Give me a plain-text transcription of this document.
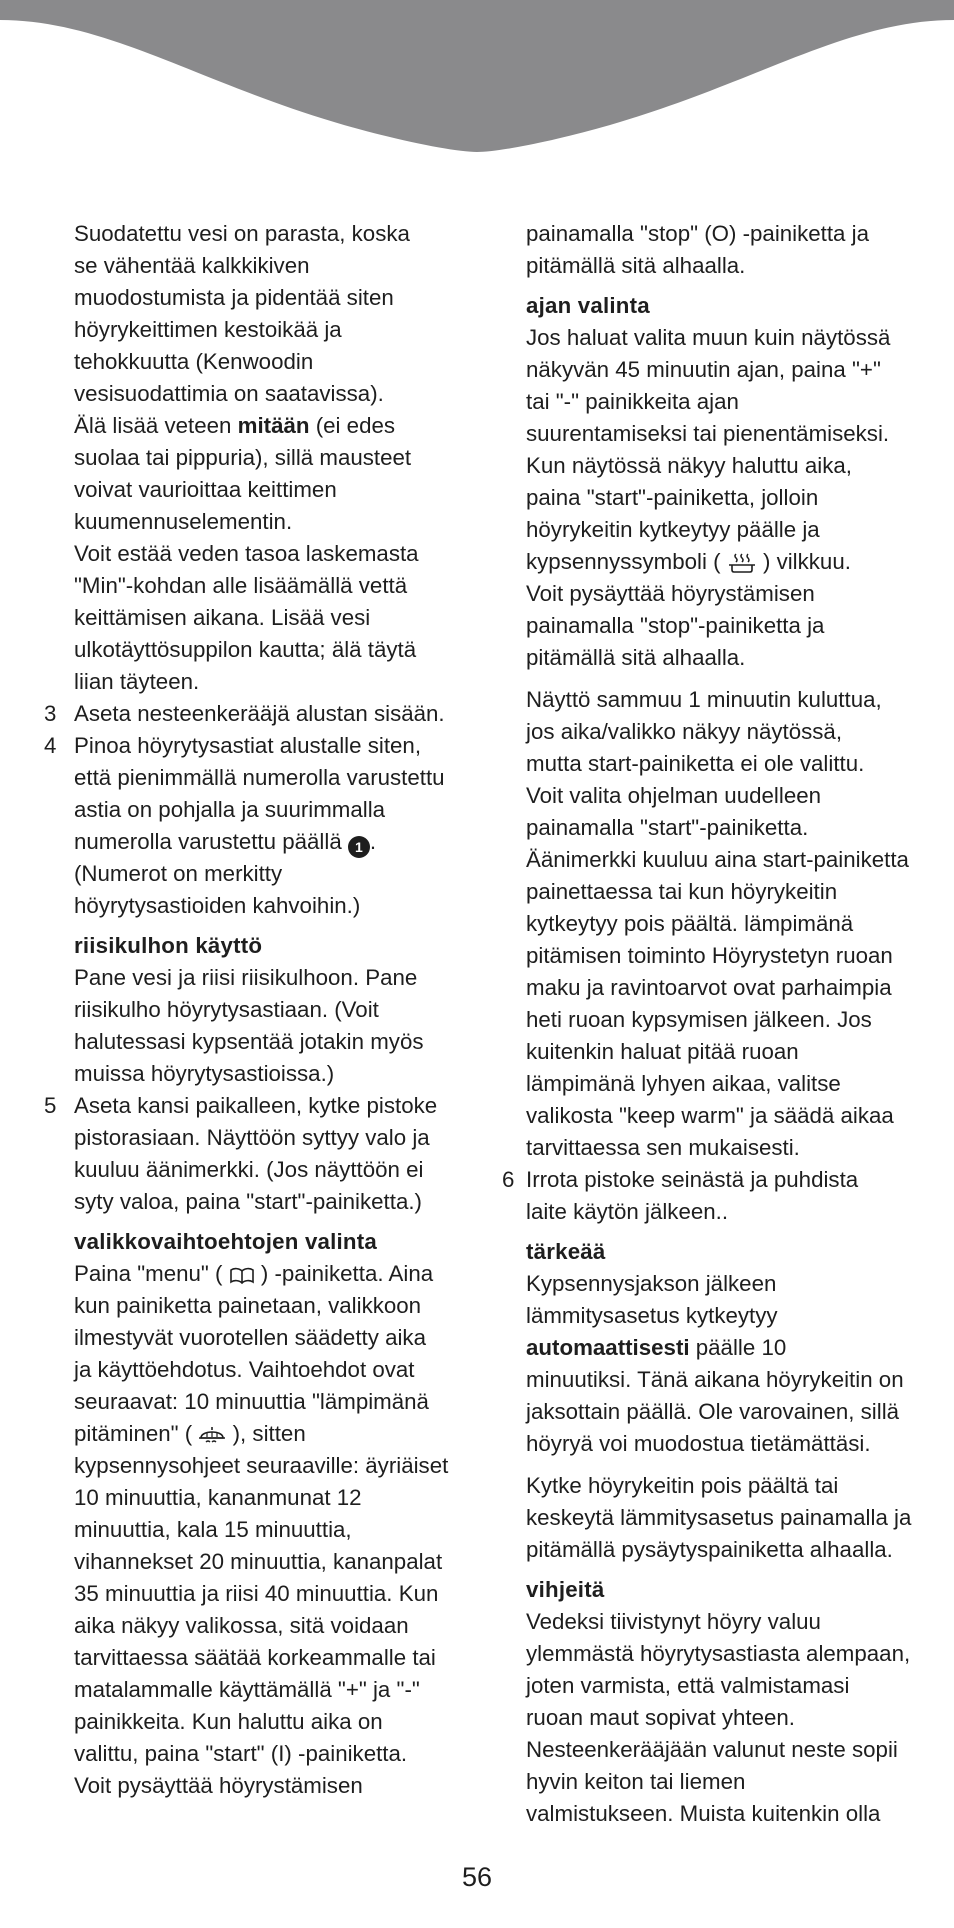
Suodatettu vesi on parasta, koska
se vähentää kalkkikiven
muodostumista ja pidentää siten
höyrykeittimen kestoikää ja
tehokkuutta (Kenwoodin
vesisuodattimia on saatavissa).
Älä lisää veteen mitään (ei edes
suolaa tai pippuria), sillä mausteet
voivat vaurioittaa keittimen
kuumennuselementin.
Voit estää veden tasoa laskemasta
"Min"-kohdan alle lisäämällä vettä
keittämisen aikana. Lisää vesi
ulkotäyttösuppilon kautta; älä täytä
liian täyteen.
3 Aseta nesteenkerääjä alustan sisään.
4 Pinoa höyrytysastiat alustalle siten,
että pienimmällä numerolla varustettu
astia on pohjalla ja suurimmalla
numerolla varustettu päällä 1 .
(Numerot on merkitty
höyrytysastioiden kahvoihin.)
riisikulhon käyttö
Pane vesi ja riisi riisikulhoon. Pane
riisikulho höyrytysastiaan. (Voit
halutessasi kypsentää jotakin myös
muissa höyrytysastioissa.)
5 Aseta kansi paikalleen, kytke pistoke
pistorasiaan. Näyttöön syttyy valo ja
kuuluu äänimerkki. (Jos näyttöön ei
syty valoa, paina "start"-painiketta.)
valikkovaihtoehtojen valinta
Paina "menu" (  ) -painiketta. Aina
kun painiketta painetaan, valikkoon
ilmestyvät vuorotellen säädetty aika
ja käyttöehdotus. Vaihtoehdot ovat
seuraavat: 10 minuuttia "lämpimänä
pitäminen" (  ), sitten
kypsennysohjeet seuraaville: äyriäiset
10 minuuttia, kananmunat 12
minuuttia, kala 15 minuuttia,
vihannekset 20 minuuttia, kananpalat
35 minuuttia ja riisi 40 minuuttia. Kun
aika näkyy valikossa, sitä voidaan
tarvittaessa säätää korkeammalle tai
matalammalle käyttämällä "+" ja "-"
painikkeita. Kun haluttu aika on
valittu, paina "start" (I) -painiketta.
Voit pysäyttää höyrystämisen
painamalla "stop" (O) -painiketta ja
pitämällä sitä alhaalla.
ajan valinta
Jos haluat valita muun kuin näytössä
näkyvän 45 minuutin ajan, paina "+"
tai "-" painikkeita ajan
suurentamiseksi tai pienentämiseksi.
Kun näytössä näkyy haluttu aika,
paina "start"-painiketta, jolloin
höyrykeitin kytkeytyy päälle ja
kypsennyssymboli (  ) vilkkuu.
Voit pysäyttää höyrystämisen
painamalla "stop"-painiketta ja
pitämällä sitä alhaalla.
Näyttö sammuu 1 minuutin kuluttua,
jos aika/valikko näkyy näytössä,
mutta start-painiketta ei ole valittu.
Voit valita ohjelman uudelleen
painamalla "start"-painiketta.
Äänimerkki kuuluu aina start-painiketta
painettaessa tai kun höyrykeitin
kytkeytyy pois päältä. lämpimänä
pitämisen toiminto Höyrystetyn ruoan
maku ja ravintoarvot ovat parhaimpia
heti ruoan kypsymisen jälkeen. Jos
kuitenkin haluat pitää ruoan
lämpimänä lyhyen aikaa, valitse
valikosta "keep warm" ja säädä aikaa
tarvittaessa sen mukaisesti.
6 Irrota pistoke seinästä ja puhdista
laite käytön jälkeen..
tärkeää
Kypsennysjakson jälkeen
lämmitysasetus kytkeytyy
automaattisesti päälle 10
minuutiksi. Tänä aikana höyrykeitin on
jaksottain päällä. Ole varovainen, sillä
höyryä voi muodostua tietämättäsi.
Kytke höyrykeitin pois päältä tai
keskeytä lämmitysasetus painamalla ja
pitämällä pysäytyspainiketta alhaalla.
vihjeitä
Vedeksi tiivistynyt höyry valuu
ylemmästä höyrytysastiasta alempaan,
joten varmista, että valmistamasi
ruoan maut sopivat yhteen.
Nesteenkerääjään valunut neste sopii
hyvin keiton tai liemen
valmistukseen. Muista kuitenkin olla
56
